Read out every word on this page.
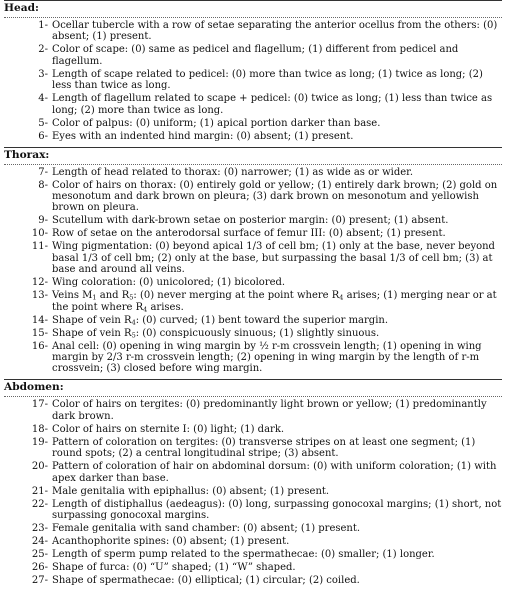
Head:
1- Ocellar tubercle with a row of setae separating the anterior ocellus from the others: (0) absent; (1) present.
2- Color of scape: (0) same as pedicel and flagellum; (1) different from pedicel and flagellum.
3- Length of scape related to pedicel: (0) more than twice as long; (1) twice as long; (2) less than twice as long.
4- Length of flagellum related to scape + pedicel: (0) twice as long; (1) less than twice as long; (2) more than twice as long.
5- Color of palpus: (0) uniform; (1) apical portion darker than base.
6- Eyes with an indented hind margin: (0) absent; (1) present.
Thorax:
7- Length of head related to thorax: (0) narrower; (1) as wide as or wider.
8- Color of hairs on thorax: (0) entirely gold or yellow; (1) entirely dark brown; (2) gold on mesonotum and dark brown on pleura; (3) dark brown on mesonotum and yellowish brown on pleura.
9- Scutellum with dark-brown setae on posterior margin: (0) present; (1) absent.
10- Row of setae on the anterodorsal surface of femur III: (0) absent; (1) present.
11- Wing pigmentation: (0) beyond apical 1/3 of cell bm; (1) only at the base, never beyond basal 1/3 of cell bm; (2) only at the base, but surpassing the basal 1/3 of cell bm; (3) at base and around all veins.
12- Wing coloration: (0) unicolored; (1) bicolored.
13- Veins $M_1$ and $R_5$: (0) never merging at the point where $R_4$ arises; (1) merging near or at the point where $R_4$ arises.
14- Shape of vein $R_4$: (0) curved; (1) bent toward the superior margin.
15- Shape of vein $R_5$: (0) conspicuously sinuous; (1) slightly sinuous.
16- Anal cell: (0) opening in wing margin by ½ r-m crossvein length; (1) opening in wing margin by 2/3 r-m crossvein length; (2) opening in wing margin by the length of r-m crossvein; (3) closed before wing margin.
Abdomen:
17- Color of hairs on tergites: (0) predominantly light brown or yellow; (1) predominantly dark brown.
18- Color of hairs on sternite I: (0) light; (1) dark.
19- Pattern of coloration on tergites: (0) transverse stripes on at least one segment; (1) round spots; (2) a central longitudinal stripe; (3) absent.
20- Pattern of coloration of hair on abdominal dorsum: (0) with uniform coloration; (1) with apex darker than base.
21- Male genitalia with epiphallus: (0) absent; (1) present.
22- Length of distiphallus (aedeagus): (0) long, surpassing gonocoxal margins; (1) short, not surpassing gonocoxal margins.
23- Female genitalia with sand chamber: (0) absent; (1) present.
24- Acanthophorite spines: (0) absent; (1) present.
25- Length of sperm pump related to the spermathecae: (0) smaller; (1) longer.
26- Shape of furca: (0) “U” shaped; (1) “W” shaped.
27- Shape of spermathecae: (0) elliptical; (1) circular; (2) coiled.
